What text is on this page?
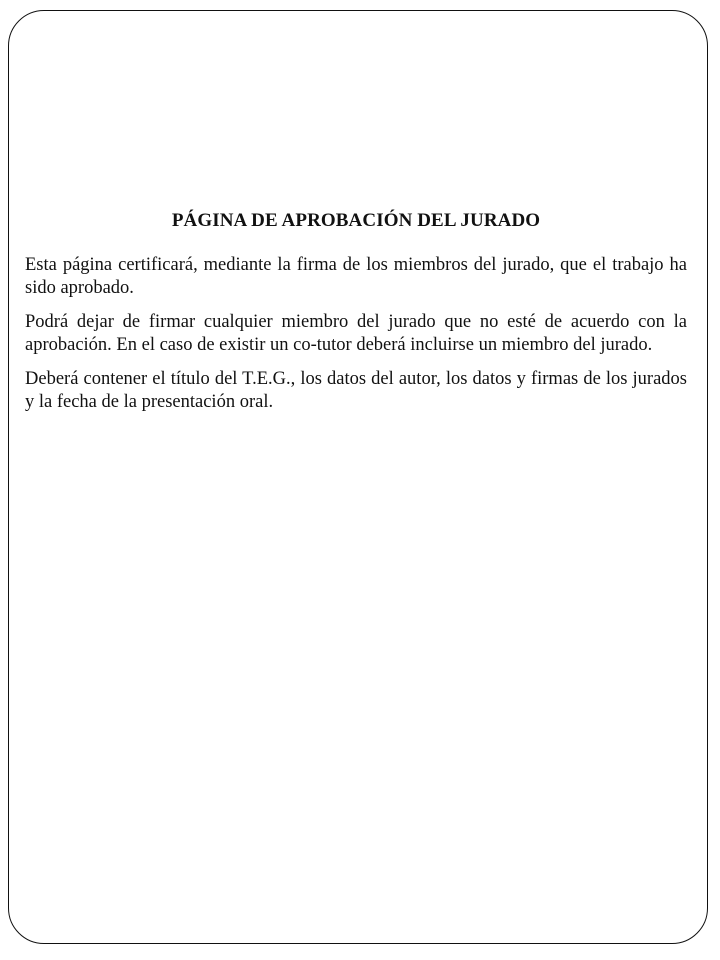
PÁGINA DE APROBACIÓN DEL JURADO

Esta página certificará, mediante la firma de los miembros del jurado, que el trabajo ha sido aprobado.

Podrá dejar de firmar cualquier miembro del jurado que no esté de acuerdo con la aprobación. En el caso de existir un co-tutor deberá incluirse un miembro del jurado.

Deberá contener el título del T.E.G., los datos del autor, los datos y firmas de los jurados y la fecha de la presentación oral.
